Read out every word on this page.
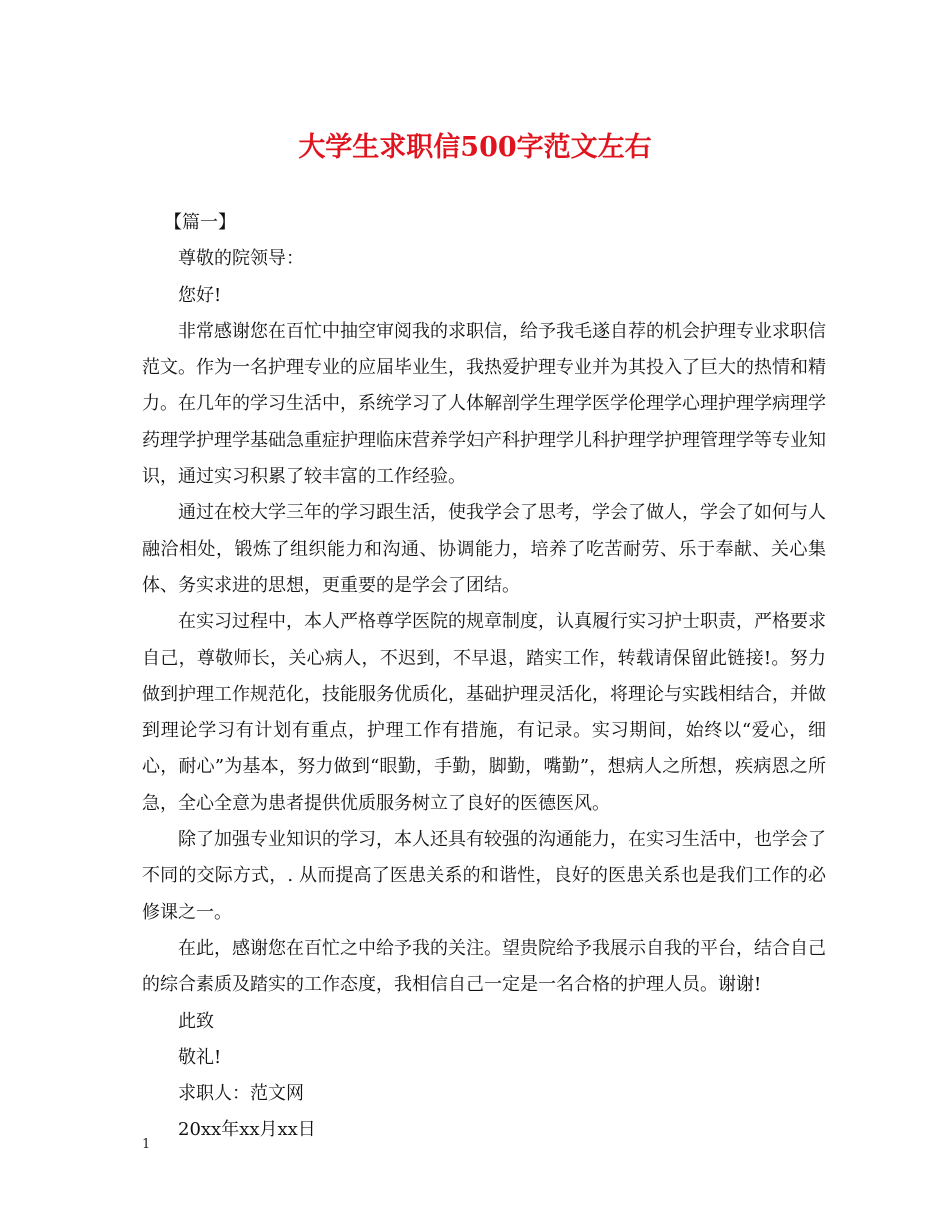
大学生求职信500字范文左右

【篇一】

尊敬的院领导：

您好!

非常感谢您在百忙中抽空审阅我的求职信，给予我毛遂自荐的机会护理专业求职信范文。作为一名护理专业的应届毕业生，我热爱护理专业并为其投入了巨大的热情和精力。在几年的学习生活中，系统学习了人体解剖学生理学医学伦理学心理护理学病理学药理学护理学基础急重症护理临床营养学妇产科护理学儿科护理学护理管理学等专业知识，通过实习积累了较丰富的工作经验。

通过在校大学三年的学习跟生活，使我学会了思考，学会了做人，学会了如何与人融洽相处，锻炼了组织能力和沟通、协调能力，培养了吃苦耐劳、乐于奉献、关心集体、务实求进的思想，更重要的是学会了团结。

在实习过程中，本人严格尊学医院的规章制度，认真履行实习护士职责，严格要求自己，尊敬师长，关心病人，不迟到，不早退，踏实工作，转载请保留此链接!。努力做到护理工作规范化，技能服务优质化，基础护理灵活化，将理论与实践相结合，并做到理论学习有计划有重点，护理工作有措施，有记录。实习期间，始终以“爱心，细心，耐心”为基本，努力做到“眼勤，手勤，脚勤，嘴勤”，想病人之所想，疾病恩之所急，全心全意为患者提供优质服务树立了良好的医德医风。

除了加强专业知识的学习，本人还具有较强的沟通能力，在实习生活中，也学会了不同的交际方式，. 从而提高了医患关系的和谐性，良好的医患关系也是我们工作的必修课之一。

在此，感谢您在百忙之中给予我的关注。望贵院给予我展示自我的平台，结合自己的综合素质及踏实的工作态度，我相信自己一定是一名合格的护理人员。谢谢!

此致

敬礼!

求职人：范文网

20xx年xx月xx日

1
